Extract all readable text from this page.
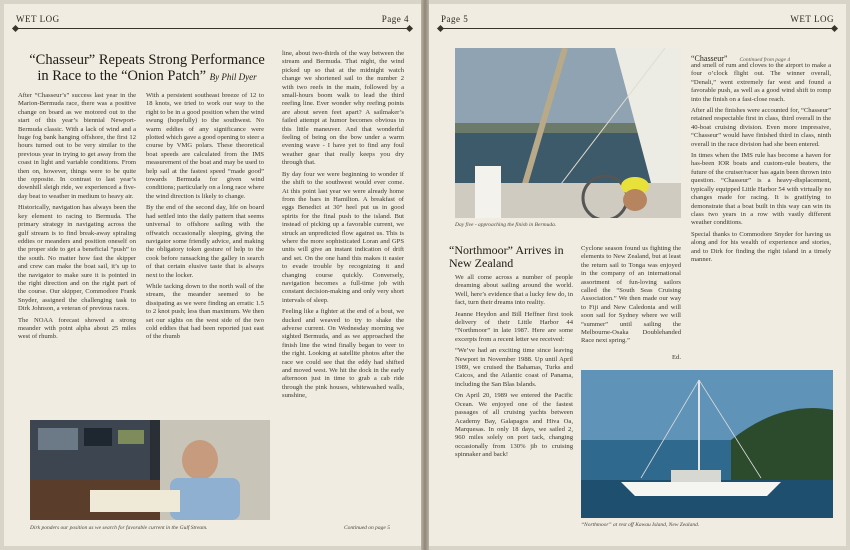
WET LOG	Page 4
“Chasseur” Repeats Strong Performance in Race to the “Onion Patch” By Phil Dyer

After “Chasseur’s” success last year in the Marion-Bermuda race, there was a positive change on board as we motored out to the start of this year’s biennial Newport-Bermuda classic. With a lack of wind and a huge fog bank hanging offshore, the first 12 hours turned out to be very similar to the previous year in trying to get away from the coast in light and variable conditions. From then on, however, things were to be quite the opposite. In contrast to last year’s downhill sleigh ride, we experienced a five-day beat to weather in medium to heavy air.

Historically, navigation has always been the key element to racing to Bermuda. The primary strategy in navigating across the gulf stream is to find break-away spiraling eddies or meanders and position oneself on the proper side to get a beneficial “push” to the south. No matter how fast the skipper and crew can make the boat sail, it’s up to the navigator to make sure it is pointed in the right direction and on the right part of the course. Our skipper, Commodore Frank Snyder, assigned the challenging task to Dirk Johnson, a veteran of previous races.

The NOAA forecast showed a strong meander with point alpha about 25 miles west of rhumb.

With a persistent southeast breeze of 12 to 18 knots, we tried to work our way to the right to be in a good position when the wind swung (hopefully) to the southwest. No warm eddies of any significance were plotted which gave a good opening to steer a course by VMG polars. These theoretical boat speeds are calculated from the IMS measurement of the boat and may be used to help sail at the fastest speed “made good” towards Bermuda for given wind conditions; particularly on a long race where the wind direction is likely to change.

By the end of the second day, life on board had settled into the daily pattern that seems universal to offshore sailing with the offwatch occasionally sleeping, giving the navigator some friendly advice, and making the obligatory token gesture of help to the cook before ransacking the galley in search of that certain elusive taste that is always next to the locker.

While tacking down to the north wall of the stream, the meander seemed to be dissipating as we were finding an erratic 1.5 to 2 knot push; less than maximum. We then set our sights on the west side of the two cold eddies that had been reported just east of the rhumb

line, about two-thirds of the way between the stream and Bermuda. That night, the wind picked up so that at the midnight watch change we shortened sail to the number 2 with two reefs in the main, followed by a small-hours boom walk to lead the third reefing line. Ever wonder why reefing points are about seven feet apart? A sailmaker’s failed attempt at humor becomes obvious in this little maneuver. And that wonderful feeling of being on the bow under a warm evening wave - I have yet to find any foul weather gear that really keeps you dry through that.

By day four we were beginning to wonder if the shift to the southwest would ever come. At this point last year we were already home from the bars in Hamilton. A breakfast of eggs Benedict at 30° heel put us in good spirits for the final push to the island. But instead of picking up a favorable current, we struck an unpredicted flow against us. This is where the more sophisticated Loran and GPS units will give an instant indication of drift and set. On the one hand this makes it easier to evade trouble by recognizing it and changing course quickly. Conversely, navigation becomes a full-time job with constant decision-making and only very short intervals of sleep.

Feeling like a fighter at the end of a bout, we ducked and weaved to try to shake the adverse current. On Wednesday morning we sighted Bermuda, and as we approached the finish line the wind finally began to veer to the right. Looking at satellite photos after the race we could see that the eddy had shifted and moved west. We hit the dock in the early afternoon just in time to grab a cab ride through the pink houses, whitewashed walls, sunshine,

Dirk ponders our position as we search for favorable current in the Gulf Stream.	Continued on page 5
Page 5	WET LOG
Day five - approaching the finish in Bermuda.
“Chasseur” Continued from page 4

and smell of rum and cloves to the airport to make a four o’clock flight out. The winner overall, “Denali,” went extremely far west and found a favorable push, as well as a good wind shift to romp into the finish on a fast-close reach.

After all the finishes were accounted for, “Chasseur” retained respectable first in class, third overall in the 40-boat cruising division. Even more impressive, “Chasseur” would have finished third in class, ninth overall in the race division had she been entered.

In times when the IMS rule has become a haven for has-been IOR boats and custom-rule beaters, the future of the cruiser/racer has again been thrown into question. “Chasseur” is a heavy-displacement, typically equipped Little Harbor 54 with virtually no changes made for racing. It is gratifying to demonstrate that a boat built in this way can win its class two years in a row with vastly different weather conditions.

Special thanks to Commodore Snyder for having us along and for his wealth of experience and stories, and to Dirk for finding the right island in a timely manner.

“Northmoor” Arrives in New Zealand

We all come across a number of people dreaming about sailing around the world. Well, here’s evidence that a lucky few do, in fact, turn their dreams into reality.

Jeanne Heydon and Bill Heffner first took delivery of their Little Harbor 44 “Northmoor” in late 1987. Here are some excerpts from a recent letter we received:

“We’ve had an exciting time since leaving Newport in November 1988. Up until April 1989, we cruised the Bahamas, Turks and Caicos, and the Atlantic coast of Panama, including the San Blas Islands.

On April 20, 1989 we entered the Pacific Ocean. We enjoyed one of the fastest passages of all cruising yachts between Academy Bay, Galapagos and Hiva Oa, Marquesas. In only 18 days, we sailed 2, 960 miles solely on port tack, changing occasionally from 130% jib to cruising spinnaker and back!

Cyclone season found us fighting the elements to New Zealand, but at least the return sail to Tonga was enjoyed in the company of an international assortment of fun-loving sailors called the “South Seas Cruising Association.” We then made our way to Fiji and New Caledonia and will soon sail for Sydney where we will “summer” until sailing the Melbourne-Osaka Doublehanded Race next spring.”

Ed.
“Northmoor” at rest off Kawau Island, New Zealand.
